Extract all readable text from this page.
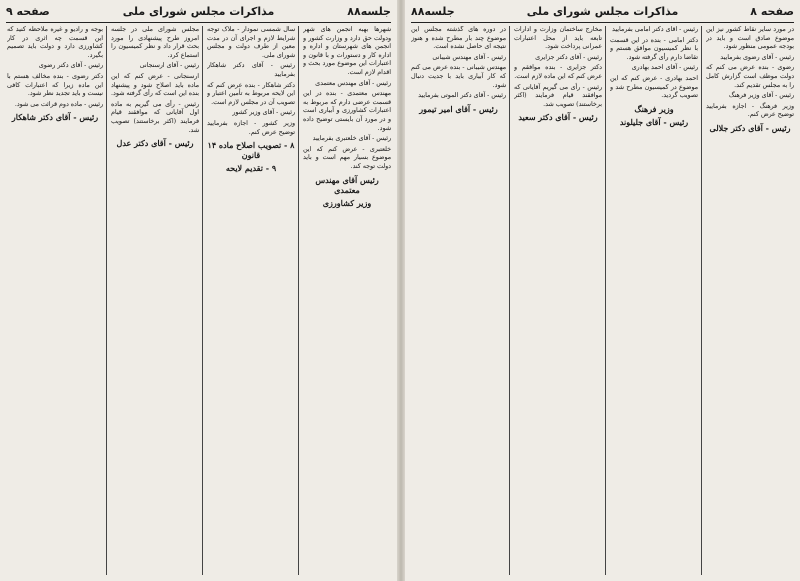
جلسه۸۸
مذاکرات مجلس شورای ملی
صفحه ۹

شهرها بهبه انجمن های شهر ودولت حق دارد و وزارت کشور و انجمن های شهرستان و اداره و اداره کار و دستورات و با قانون و اعتبارات این موضوع مورد بحث و اقدام لازم است.

رئیس - آقای مهندس معتمدی

مهندس معتمدی - بنده در این قسمت عرضی دارم که مربوط به اعتبارات کشاورزی و آبیاری است و در مورد آن بایستی توضیح داده شود.

رئیس - آقای خلعتبری بفرمایید

خلعتبری - عرض کنم که این موضوع بسیار مهم است و باید دولت توجه کند.

رئیس آقای مهندس معتمدی
وزیر کشاورزی

سال شمسی نمودار - ملاک توجه شرایط لازم و اجرای آن در مدت معین از طرف دولت و مجلس شورای ملی.

رئیس - آقای دکتر شاهکار بفرمایید

دکتر شاهکار - بنده عرض کنم که این لایحه مربوط به تأمین اعتبار و تصویب آن در مجلس لازم است.

رئیس - آقای وزیر کشور

وزیر کشور - اجازه بفرمایید توضیح عرض کنم.

۸ - تصویب اصلاح ماده ۱۴ قانون
۹ - تقدیم لایحه

مجلس شورای ملی در جلسه امروز طرح پیشنهادی را مورد بحث قرار داد و نظر کمیسیون را استماع کرد.

رئیس - آقای ارسنجانی

ارسنجانی - عرض کنم که این ماده باید اصلاح شود و پیشنهاد بنده این است که رأی گرفته شود.

رئیس - رأی می گیریم به ماده اول آقایانی که موافقند قیام فرمایند (اکثر برخاستند) تصویب شد.

رئیس - آقای دکتر عدل

بوجه و رادیو و غیره ملاحظه کنید که این قسمت چه اثری در کار کشاورزی دارد و دولت باید تصمیم بگیرد.

رئیس - آقای دکتر رضوی

دکتر رضوی - بنده مخالف هستم با این ماده زیرا که اعتبارات کافی نیست و باید تجدید نظر شود.

رئیس - ماده دوم قرائت می شود.

رئیس - آقای دکتر شاهکار
صفحه ۸
مذاکرات مجلس شورای ملی
جلسه۸۸

در مورد سایر نقاط کشور نیز این موضوع صادق است و باید در بودجه عمومی منظور شود.

رئیس - آقای رضوی بفرمایید

رضوی - بنده عرض می کنم که دولت موظف است گزارش کامل را به مجلس تقدیم کند.

رئیس - آقای وزیر فرهنگ

وزیر فرهنگ - اجازه بفرمایید توضیح عرض کنم.

رئیس - آقای دکتر جلالی

رئیس - آقای دکتر امامی بفرمایید

دکتر امامی - بنده در این قسمت با نظر کمیسیون موافق هستم و تقاضا دارم رأی گرفته شود.

رئیس - آقای احمد بهادری

احمد بهادری - عرض کنم که این موضوع در کمیسیون مطرح شد و تصویب گردید.

وزیر فرهنگ
رئیس - آقای جلیلوند

مخارج ساختمان وزارت و ادارات تابعه باید از محل اعتبارات عمرانی پرداخت شود.

رئیس - آقای دکتر جزایری

دکتر جزایری - بنده موافقم و عرض کنم که این ماده لازم است.

رئیس - رأی می گیریم آقایانی که موافقند قیام فرمایند (اکثر برخاستند) تصویب شد.

رئیس - آقای دکتر سعید

در دوره های گذشته مجلس این موضوع چند بار مطرح شده و هنوز نتیجه ای حاصل نشده است.

رئیس - آقای مهندس شیبانی

مهندس شیبانی - بنده عرض می کنم که کار آبیاری باید با جدیت دنبال شود.

رئیس - آقای دکتر الموتی بفرمایید

رئیس - آقای امیر تیمور
